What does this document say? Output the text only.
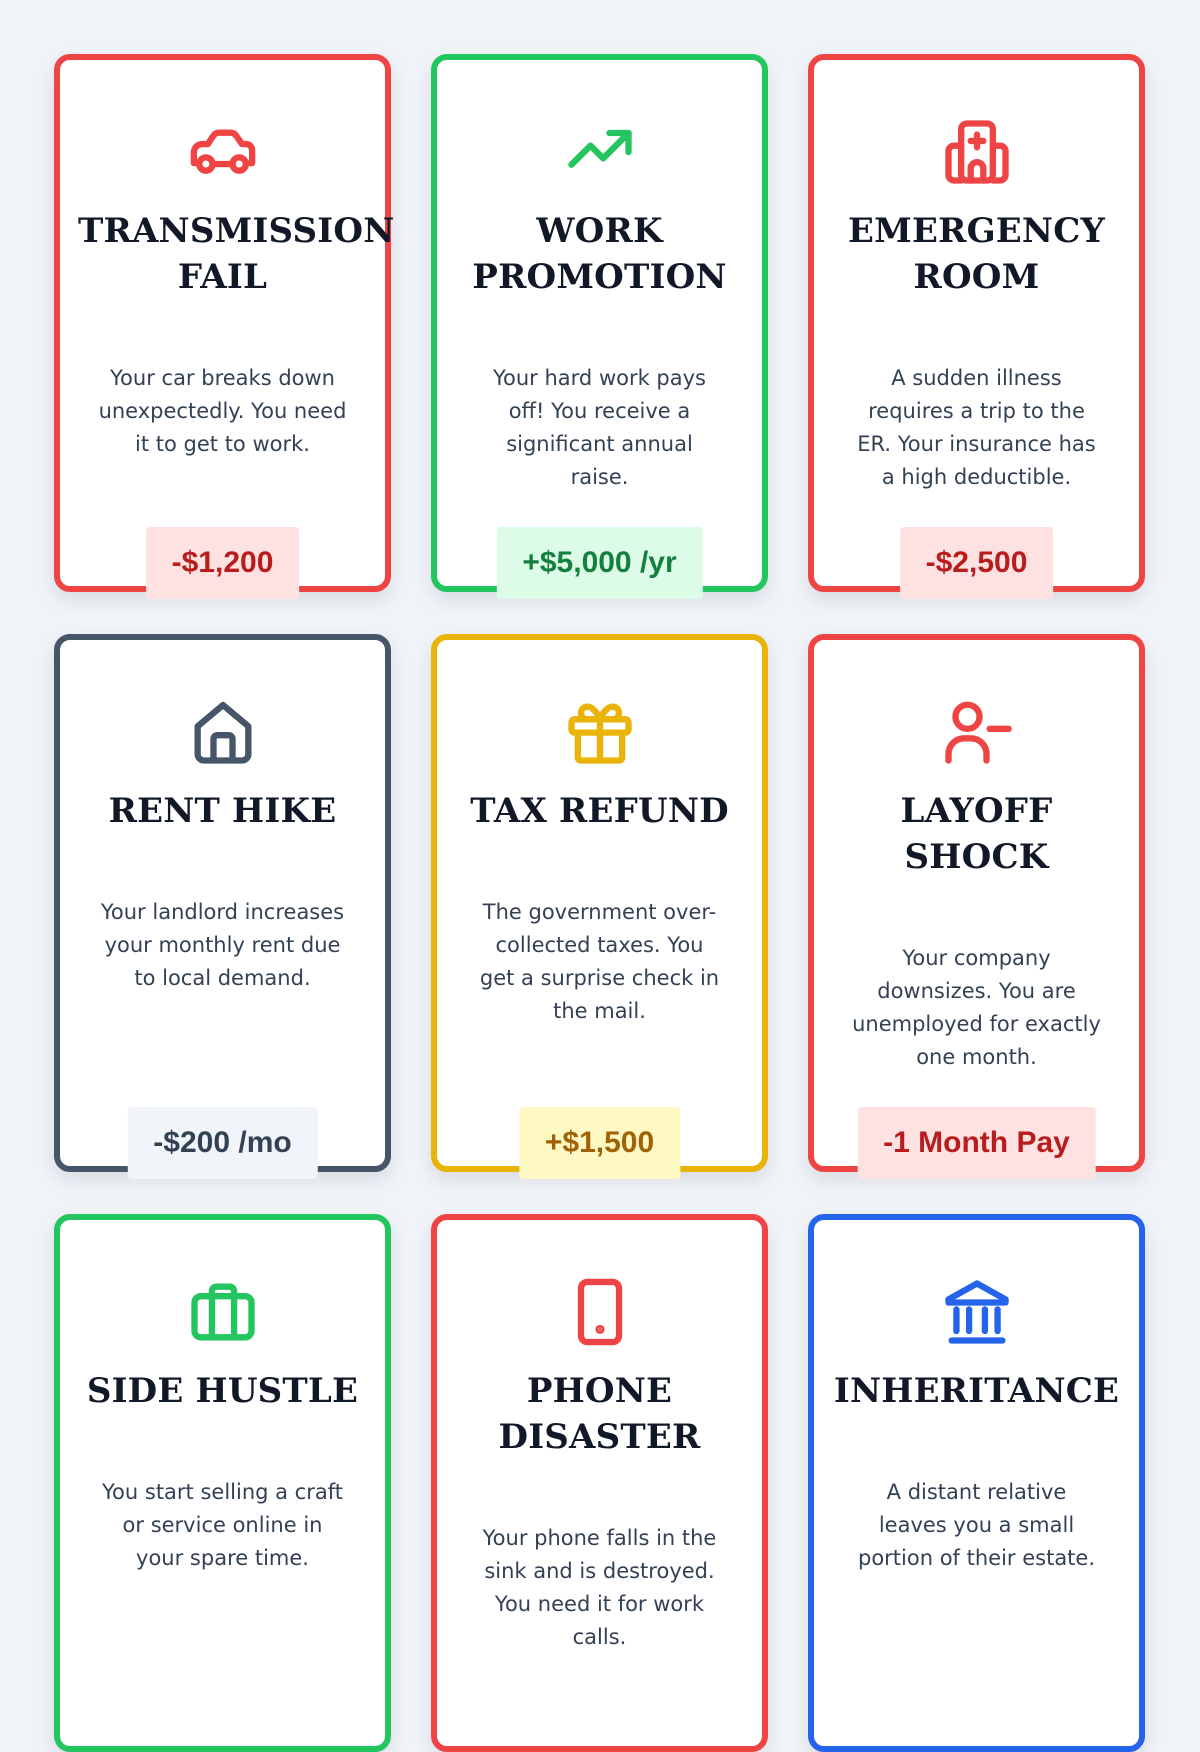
TRANSMISSION
FAIL

Your car breaks down unexpectedly. You need it to get to work.

-$1,200
WORK
PROMOTION

Your hard work pays off! You receive a significant annual raise.

+$5,000 /yr
EMERGENCY
ROOM

A sudden illness requires a trip to the ER. Your insurance has a high deductible.

-$2,500
RENT HIKE

Your landlord increases your monthly rent due to local demand.

-$200 /mo
TAX REFUND

The government over-collected taxes. You get a surprise check in the mail.

+$1,500
LAYOFF
SHOCK

Your company downsizes. You are unemployed for exactly one month.

-1 Month Pay
SIDE HUSTLE

You start selling a craft or service online in your spare time.

PHONE
DISASTER

Your phone falls in the sink and is destroyed. You need it for work calls.

INHERITANCE

A distant relative leaves you a small portion of their estate.
